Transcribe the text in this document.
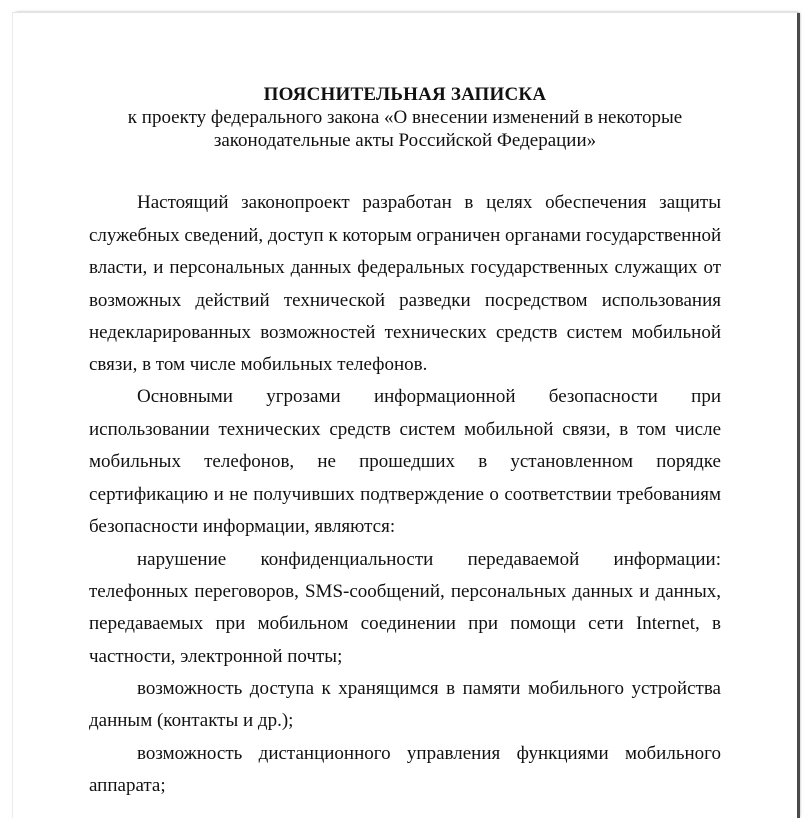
ПОЯСНИТЕЛЬНАЯ ЗАПИСКА
к проекту федерального закона «О внесении изменений в некоторые
законодательные акты Российской Федерации»
Настоящий законопроект разработан в целях обеспечения защиты
служебных сведений, доступ к которым ограничен органами государственной
власти, и персональных данных федеральных государственных служащих от
возможных действий технической разведки посредством использования
недекларированных возможностей технических средств систем мобильной
связи, в том числе мобильных телефонов.
Основными угрозами информационной безопасности при
использовании технических средств систем мобильной связи, в том числе
мобильных телефонов, не прошедших в установленном порядке
сертификацию и не получивших подтверждение о соответствии требованиям
безопасности информации, являются:
нарушение конфиденциальности передаваемой информации:
телефонных переговоров, SMS-сообщений, персональных данных и данных,
передаваемых при мобильном соединении при помощи сети Internet, в
частности, электронной почты;
возможность доступа к хранящимся в памяти мобильного устройства
данным (контакты и др.);
возможность дистанционного управления функциями мобильного
аппарата;
